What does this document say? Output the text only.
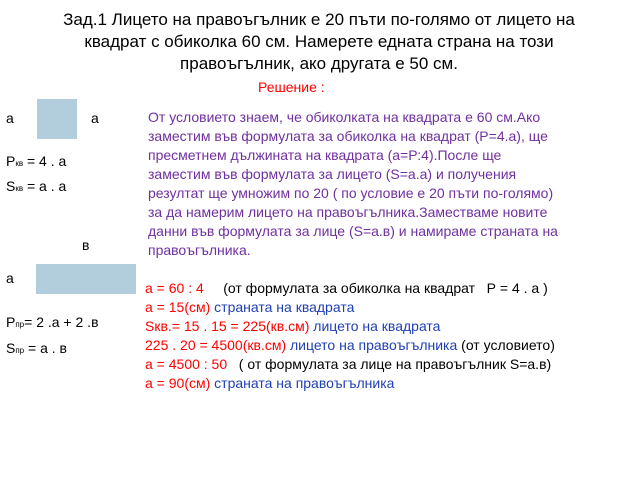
Зад.1 Лицето на правоъгълник е 20 пъти по-голямо от лицето на
квадрат с обиколка 60 см. Намерете едната страна на този
правоъгълник, ако другата е 50 см.
Решение :
а	а
Ркв = 4 . а
Sкв = а . а
в
а
Рпр= 2 .а + 2 .в
Sпр = а . в
От условието знаем, че обиколката на квадрата е 60 см.Ако
заместим във формулата за обиколка на квадрат (Р=4.а), ще
пресметнем дължината на квадрата (а=Р:4).После ще
заместим във формулата за лицето (S=а.а) и получения
резултат ще умножим по 20 ( по условие е 20 пъти по-голямо)
за да намерим лицето на правоъгълника.Заместваме новите
данни във формулата за лице (S=а.в) и намираме страната на
правоъгълника.
а = 60 : 4     (от формулата за обиколка на квадрат   Р = 4 . а )
а = 15(см) страната на квадрата
Sкв.= 15 . 15 = 225(кв.см) лицето на квадрата
225 . 20 = 4500(кв.см) лицето на правоъгълника (от условието)
а = 4500 : 50   ( от формулата за лице на правоъгълник S=а.в)
а = 90(см) страната на правоъгълника
